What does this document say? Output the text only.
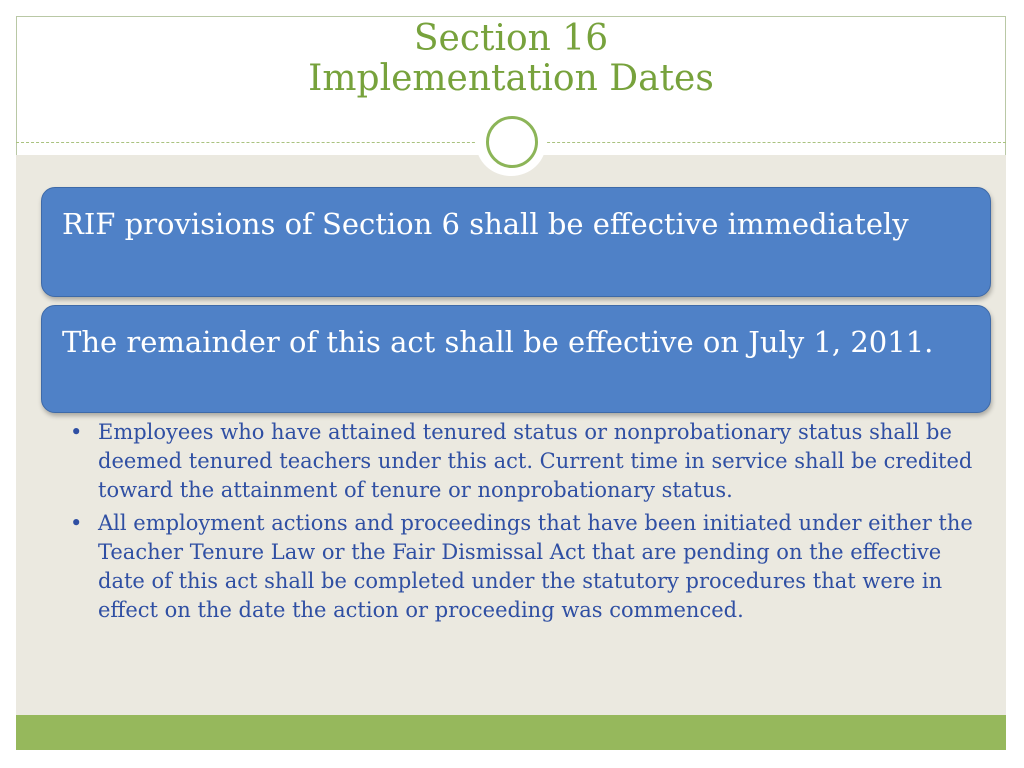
Section 16

Implementation Dates

RIF provisions of Section 6 shall be effective immediately
The remainder of this act shall be effective on July 1, 2011.
• Employees who have attained tenured status or nonprobationary status shall be deemed tenured teachers under this act. Current time in service shall be credited toward the attainment of tenure or nonprobationary status.
• All employment actions and proceedings that have been initiated under either the Teacher Tenure Law or the Fair Dismissal Act that are pending on the effective date of this act shall be completed under the statutory procedures that were in effect on the date the action or proceeding was commenced.
